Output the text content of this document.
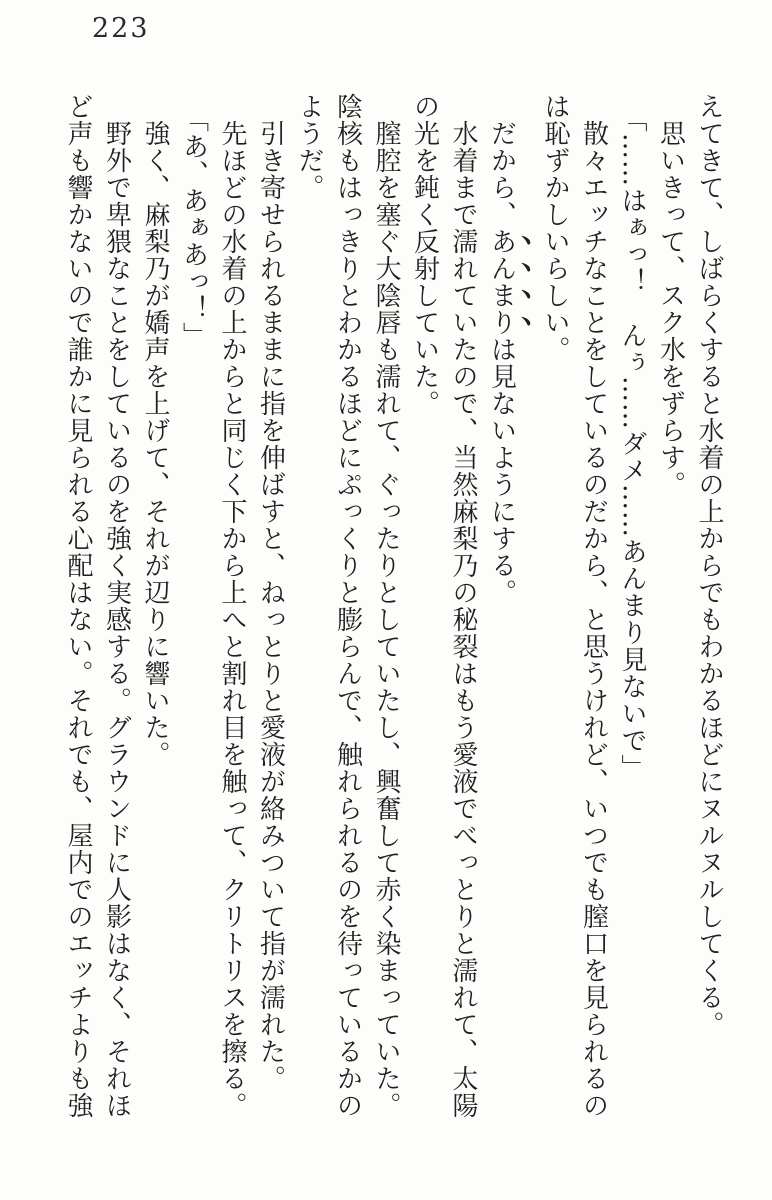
223

えてきて、しばらくすると水着の上からでもわかるほどにヌルヌルしてくる。

思いきって、スク水をずらす。

「……はぁっ！　んぅ……ダメ……あんまり見ないで」

散々エッチなことをしているのだから、と思うけれど、いつでも膣口を見られるのは恥ずかしいらしい。

だから、あんまりは見ないようにする。

水着まで濡れていたので、当然麻梨乃の秘裂はもう愛液でべっとりと濡れて、太陽の光を鈍く反射していた。

膣腔を塞ぐ大陰唇も濡れて、ぐったりとしていたし、興奮して赤く染まっていた。陰核もはっきりとわかるほどにぷっくりと膨らんで、触れられるのを待っているかのようだ。

引き寄せられるままに指を伸ばすと、ねっとりと愛液が絡みついて指が濡れた。

先ほどの水着の上からと同じく下から上へと割れ目を触って、クリトリスを擦る。

「あ、あぁあっ！」

強く、麻梨乃が嬌声を上げて、それが辺りに響いた。

野外で卑猥なことをしているのを強く実感する。グラウンドに人影はなく、それほど声も響かないので誰かに見られる心配はない。それでも、屋内でのエッチよりも強
